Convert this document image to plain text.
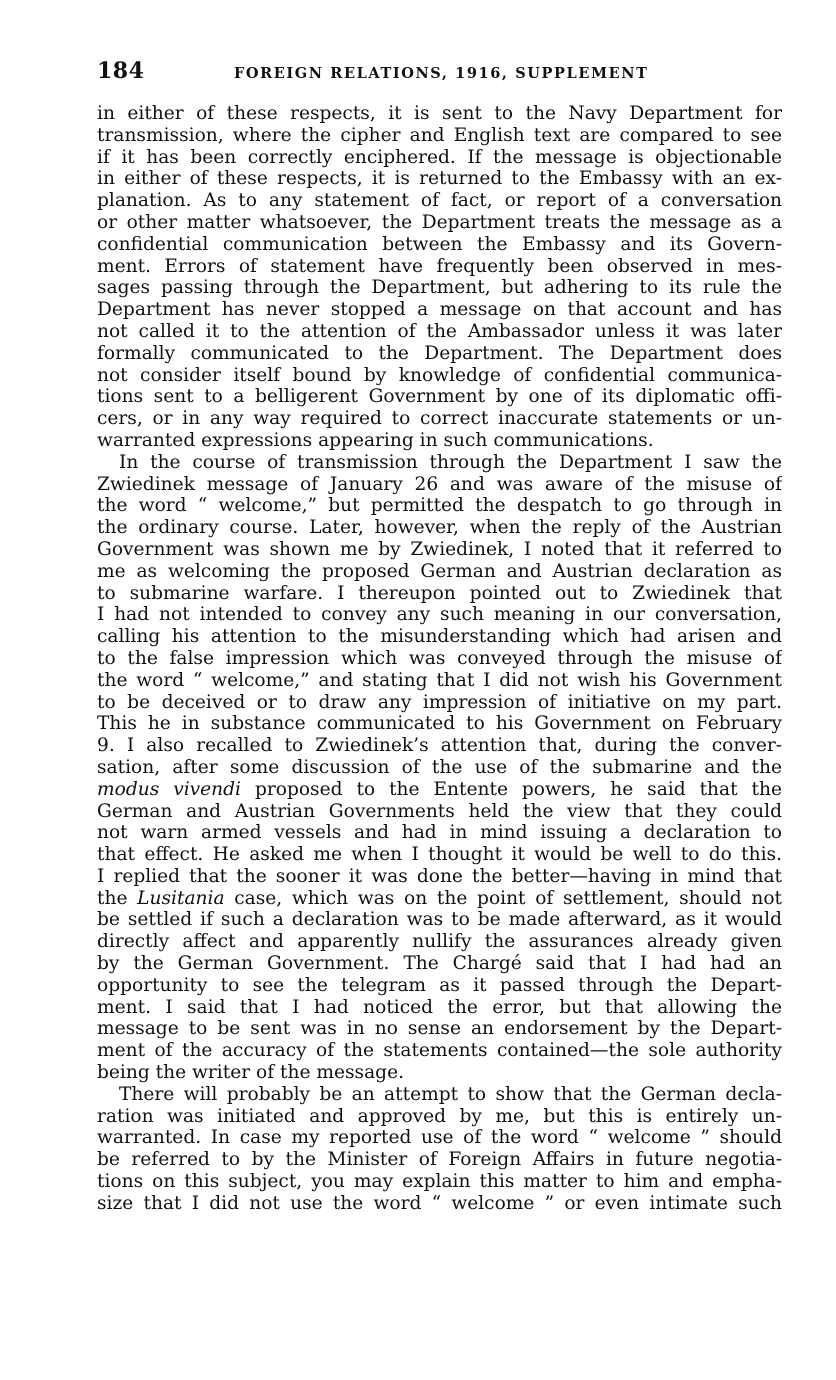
184	FOREIGN RELATIONS, 1916, SUPPLEMENT
in either of these respects, it is sent to the Navy Department for
transmission, where the cipher and English text are compared to see
if it has been correctly enciphered. If the message is objectionable
in either of these respects, it is returned to the Embassy with an ex-
planation. As to any statement of fact, or report of a conversation
or other matter whatsoever, the Department treats the message as a
confidential communication between the Embassy and its Govern-
ment. Errors of statement have frequently been observed in mes-
sages passing through the Department, but adhering to its rule the
Department has never stopped a message on that account and has
not called it to the attention of the Ambassador unless it was later
formally communicated to the Department. The Department does
not consider itself bound by knowledge of confidential communica-
tions sent to a belligerent Government by one of its diplomatic offi-
cers, or in any way required to correct inaccurate statements or un-
warranted expressions appearing in such communications.
In the course of transmission through the Department I saw the
Zwiedinek message of January 26 and was aware of the misuse of
the word “ welcome,” but permitted the despatch to go through in
the ordinary course. Later, however, when the reply of the Austrian
Government was shown me by Zwiedinek, I noted that it referred to
me as welcoming the proposed German and Austrian declaration as
to submarine warfare. I thereupon pointed out to Zwiedinek that
I had not intended to convey any such meaning in our conversation,
calling his attention to the misunderstanding which had arisen and
to the false impression which was conveyed through the misuse of
the word “ welcome,” and stating that I did not wish his Government
to be deceived or to draw any impression of initiative on my part.
This he in substance communicated to his Government on February
9. I also recalled to Zwiedinek’s attention that, during the conver-
sation, after some discussion of the use of the submarine and the
modus vivendi proposed to the Entente powers, he said that the
German and Austrian Governments held the view that they could
not warn armed vessels and had in mind issuing a declaration to
that effect. He asked me when I thought it would be well to do this.
I replied that the sooner it was done the better—having in mind that
the Lusitania case, which was on the point of settlement, should not
be settled if such a declaration was to be made afterward, as it would
directly affect and apparently nullify the assurances already given
by the German Government. The Chargé said that I had had an
opportunity to see the telegram as it passed through the Depart-
ment. I said that I had noticed the error, but that allowing the
message to be sent was in no sense an endorsement by the Depart-
ment of the accuracy of the statements contained—the sole authority
being the writer of the message.
There will probably be an attempt to show that the German decla-
ration was initiated and approved by me, but this is entirely un-
warranted. In case my reported use of the word “ welcome ” should
be referred to by the Minister of Foreign Affairs in future negotia-
tions on this subject, you may explain this matter to him and empha-
size that I did not use the word “ welcome ” or even intimate such
